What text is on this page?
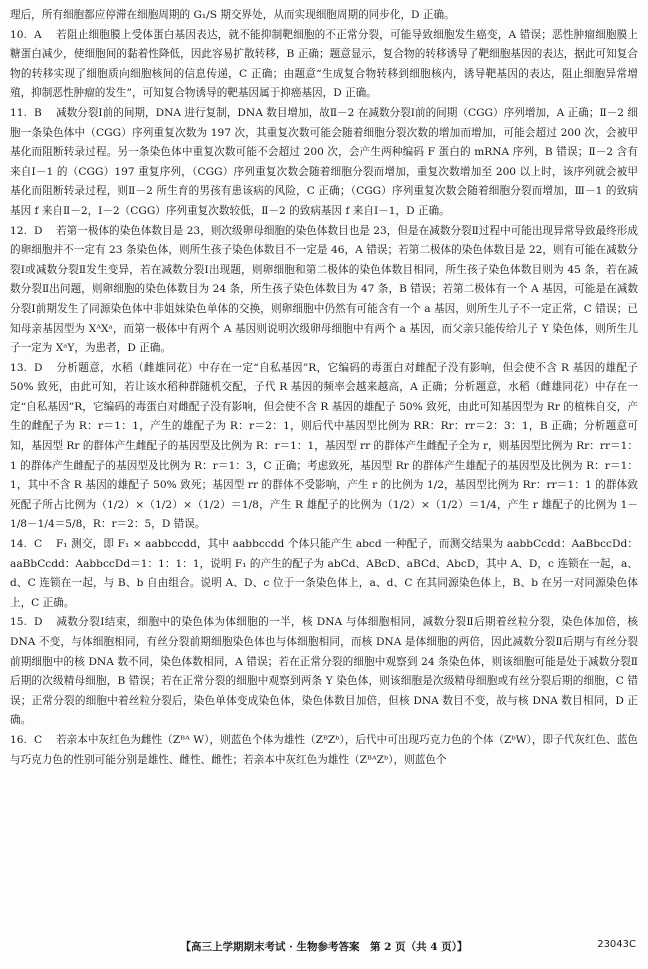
理后，所有细胞都应停滞在细胞周期的 G₁/S 期交界处，从而实现细胞周期的同步化，D 正确。

10. A 若阻止细胞膜上受体蛋白基因表达，就不能抑制靶细胞的不正常分裂，可能导致细胞发生癌变，A 错误；恶性肿瘤细胞膜上糖蛋白减少，使细胞间的黏着性降低，因此容易扩散转移，B 正确；题意显示，复合物的转移诱导了靶细胞基因的表达，据此可知复合物的转移实现了细胞质向细胞核间的信息传递，C 正确；由题意“生成复合物转移到细胞核内，诱导靶基因的表达，阻止细胞异常增殖，抑制恶性肿瘤的发生”，可知复合物诱导的靶基因属于抑癌基因，D 正确。

11. B 减数分裂Ⅰ前的间期，DNA 进行复制，DNA 数目增加，故Ⅱ－2 在减数分裂Ⅰ前的间期（CGG）序列增加，A 正确；Ⅱ－2 细胞一条染色体中（CGG）序列重复次数为 197 次，其重复次数可能会随着细胞分裂次数的增加而增加，可能会超过 200 次，会被甲基化而阻断转录过程。另一条染色体中重复次数可能不会超过 200 次，会产生两种编码 F 蛋白的 mRNA 序列，B 错误；Ⅱ－2 含有来自Ⅰ－1 的（CGG）197 重复序列，（CGG）序列重复次数会随着细胞分裂而增加，重复次数增加至 200 以上时，该序列就会被甲基化而阻断转录过程，则Ⅱ－2 所生育的男孩有患该病的风险，C 正确；（CGG）序列重复次数会随着细胞分裂而增加，Ⅲ－1 的致病基因 f 来自Ⅱ－2，Ⅰ－2（CGG）序列重复次数较低，Ⅱ－2 的致病基因 f 来自Ⅰ－1，D 正确。

12. D 若第一极体的染色体数目是 23，则次级卵母细胞的染色体数目也是 23，但是在减数分裂Ⅱ过程中可能出现异常导致最终形成的卵细胞并不一定有 23 条染色体，则所生孩子染色体数目不一定是 46，A 错误；若第二极体的染色体数目是 22，则有可能在减数分裂Ⅰ或减数分裂Ⅱ发生变异，若在减数分裂Ⅰ出现题，则卵细胞和第二极体的染色体数目相同，所生孩子染色体数目则为 45 条，若在减数分裂Ⅱ出问题，则卵细胞的染色体数目为 24 条，所生孩子染色体数目为 47 条，B 错误；若第二极体有一个 A 基因，可能是在减数分裂Ⅰ前期发生了同源染色体中非姐妹染色单体的交换，则卵细胞中仍然有可能含有一个 a 基因，则所生儿子不一定正常，C 错误；已知母亲基因型为 XᴬXᵃ，而第一极体中有两个 A 基因则说明次级卵母细胞中有两个 a 基因，而父亲只能传给儿子 Y 染色体，则所生儿子一定为 XᵃY，为患者，D 正确。

13. D 分析题意，水稻（雌雄同花）中存在一定“自私基因”R，它编码的毒蛋白对雌配子没有影响，但会使不含 R 基因的雄配子 50% 致死，由此可知，若让该水稻种群随机交配，子代 R 基因的频率会越来越高，A 正确；分析题意，水稻（雌雄同花）中存在一定“自私基因”R，它编码的毒蛋白对雌配子没有影响，但会使不含 R 基因的雄配子 50% 致死，由此可知基因型为 Rr 的植株自交，产生的雌配子为 R：r＝1：1，产生的雄配子为 R：r＝2：1，则后代中基因型比例为 RR：Rr：rr＝2：3：1，B 正确；分析题意可知，基因型 Rr 的群体产生雌配子的基因型及比例为 R：r＝1：1，基因型 rr 的群体产生雌配子全为 r，则基因型比例为 Rr：rr＝1：1 的群体产生雌配子的基因型及比例为 R：r＝1：3，C 正确；考虑致死，基因型 Rr 的群体产生雄配子的基因型及比例为 R：r＝1：1，其中不含 R 基因的雄配子 50% 致死；基因型 rr 的群体不受影响，产生 r 的比例为 1/2，基因型比例为 Rr：rr＝1：1 的群体致死配子所占比例为（1/2）×（1/2）×（1/2）＝1/8，产生 R 雄配子的比例为（1/2）×（1/2）＝1/4，产生 r 雄配子的比例为 1－1/8－1/4＝5/8，R：r＝2：5，D 错误。

14. C F₁ 测交，即 F₁ × aabbccdd，其中 aabbccdd 个体只能产生 abcd 一种配子，而测交结果为 aabbCcdd：AaBbccDd：aaBbCcdd：AabbccDd＝1：1：1：1，说明 F₁ 的产生的配子为 abCd、ABcD、aBCd、AbcD，其中 A、D，c 连锁在一起，a、d、C 连锁在一起，与 B、b 自由组合。说明 A、D、c 位于一条染色体上，a、d、C 在其同源染色体上，B、b 在另一对同源染色体上，C 正确。

15. D 减数分裂Ⅰ结束，细胞中的染色体为体细胞的一半，核 DNA 与体细胞相同，减数分裂Ⅱ后期着丝粒分裂，染色体加倍，核 DNA 不变，与体细胞相同，有丝分裂前期细胞染色体也与体细胞相同，而核 DNA 是体细胞的两倍，因此减数分裂Ⅱ后期与有丝分裂前期细胞中的核 DNA 数不同，染色体数相同，A 错误；若在正常分裂的细胞中观察到 24 条染色体，则该细胞可能是处于减数分裂Ⅱ后期的次级精母细胞，B 错误；若在正常分裂的细胞中观察到两条 Y 染色体，则该细胞是次级精母细胞或有丝分裂后期的细胞，C 错误；正常分裂的细胞中着丝粒分裂后，染色单体变成染色体，染色体数目加倍，但核 DNA 数目不变，故与核 DNA 数目相同，D 正确。

16. C 若亲本中灰红色为雌性（Zᴮᴬ W），则蓝色个体为雄性（ZᴮZᵇ），后代中可出现巧克力色的个体（ZᵇW），即子代灰红色、蓝色与巧克力色的性别可能分别是雄性、雌性、雌性；若亲本中灰红色为雄性（ZᴮᴬZᵇ），则蓝色个

【高三上学期期末考试 · 生物参考答案　第 2 页（共 4 页）】	23043C
